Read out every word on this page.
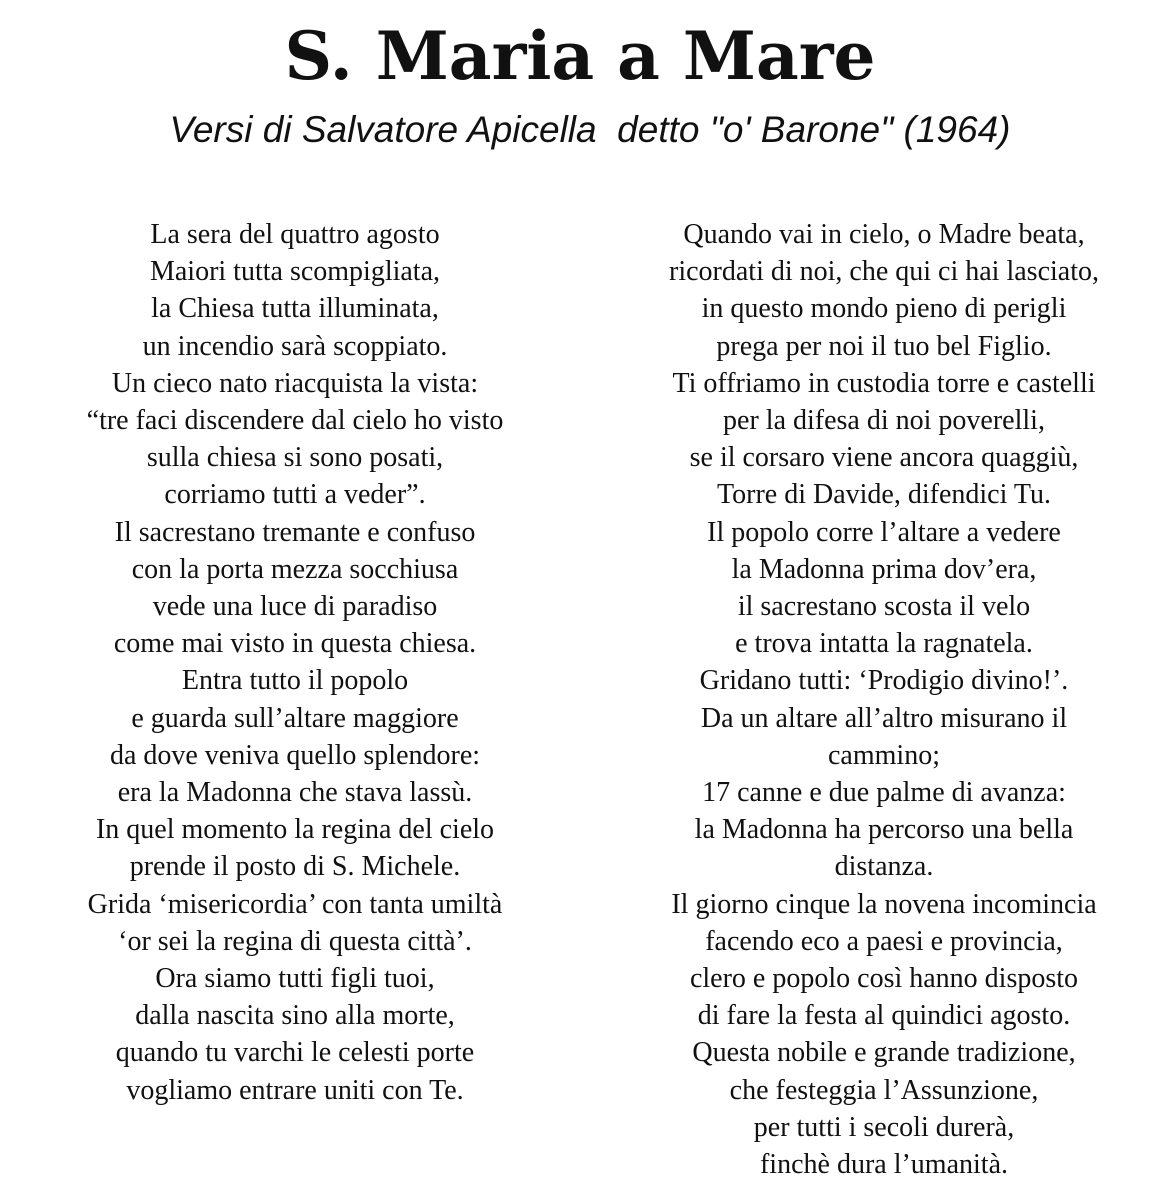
S. Maria a Mare
Versi di Salvatore Apicella  detto "o' Barone" (1964)
La sera del quattro agosto
Maiori tutta scompigliata,
la Chiesa tutta illuminata,
un incendio sarà scoppiato.
Un cieco nato riacquista la vista:
“tre faci discendere dal cielo ho visto
sulla chiesa si sono posati,
corriamo tutti a veder”.
Il sacrestano tremante e confuso
con la porta mezza socchiusa
vede una luce di paradiso
come mai visto in questa chiesa.
Entra tutto il popolo
e guarda sull’altare maggiore
da dove veniva quello splendore:
era la Madonna che stava lassù.
In quel momento la regina del cielo
prende il posto di S. Michele.
Grida ‘misericordia’ con tanta umiltà
‘or sei la regina di questa città’.
Ora siamo tutti figli tuoi,
dalla nascita sino alla morte,
quando tu varchi le celesti porte
vogliamo entrare uniti con Te.
Quando vai in cielo, o Madre beata,
ricordati di noi, che qui ci hai lasciato,
in questo mondo pieno di perigli
prega per noi il tuo bel Figlio.
Ti offriamo in custodia torre e castelli
per la difesa di noi poverelli,
se il corsaro viene ancora quaggiù,
Torre di Davide, difendici Tu.
Il popolo corre l’altare a vedere
la Madonna prima dov’era,
il sacrestano scosta il velo
e trova intatta la ragnatela.
Gridano tutti: ‘Prodigio divino!’.
Da un altare all’altro misurano il
cammino;
17 canne e due palme di avanza:
la Madonna ha percorso una bella
distanza.
Il giorno cinque la novena incomincia
facendo eco a paesi e provincia,
clero e popolo così hanno disposto
di fare la festa al quindici agosto.
Questa nobile e grande tradizione,
che festeggia l’Assunzione,
per tutti i secoli durerà,
finchè dura l’umanità.
